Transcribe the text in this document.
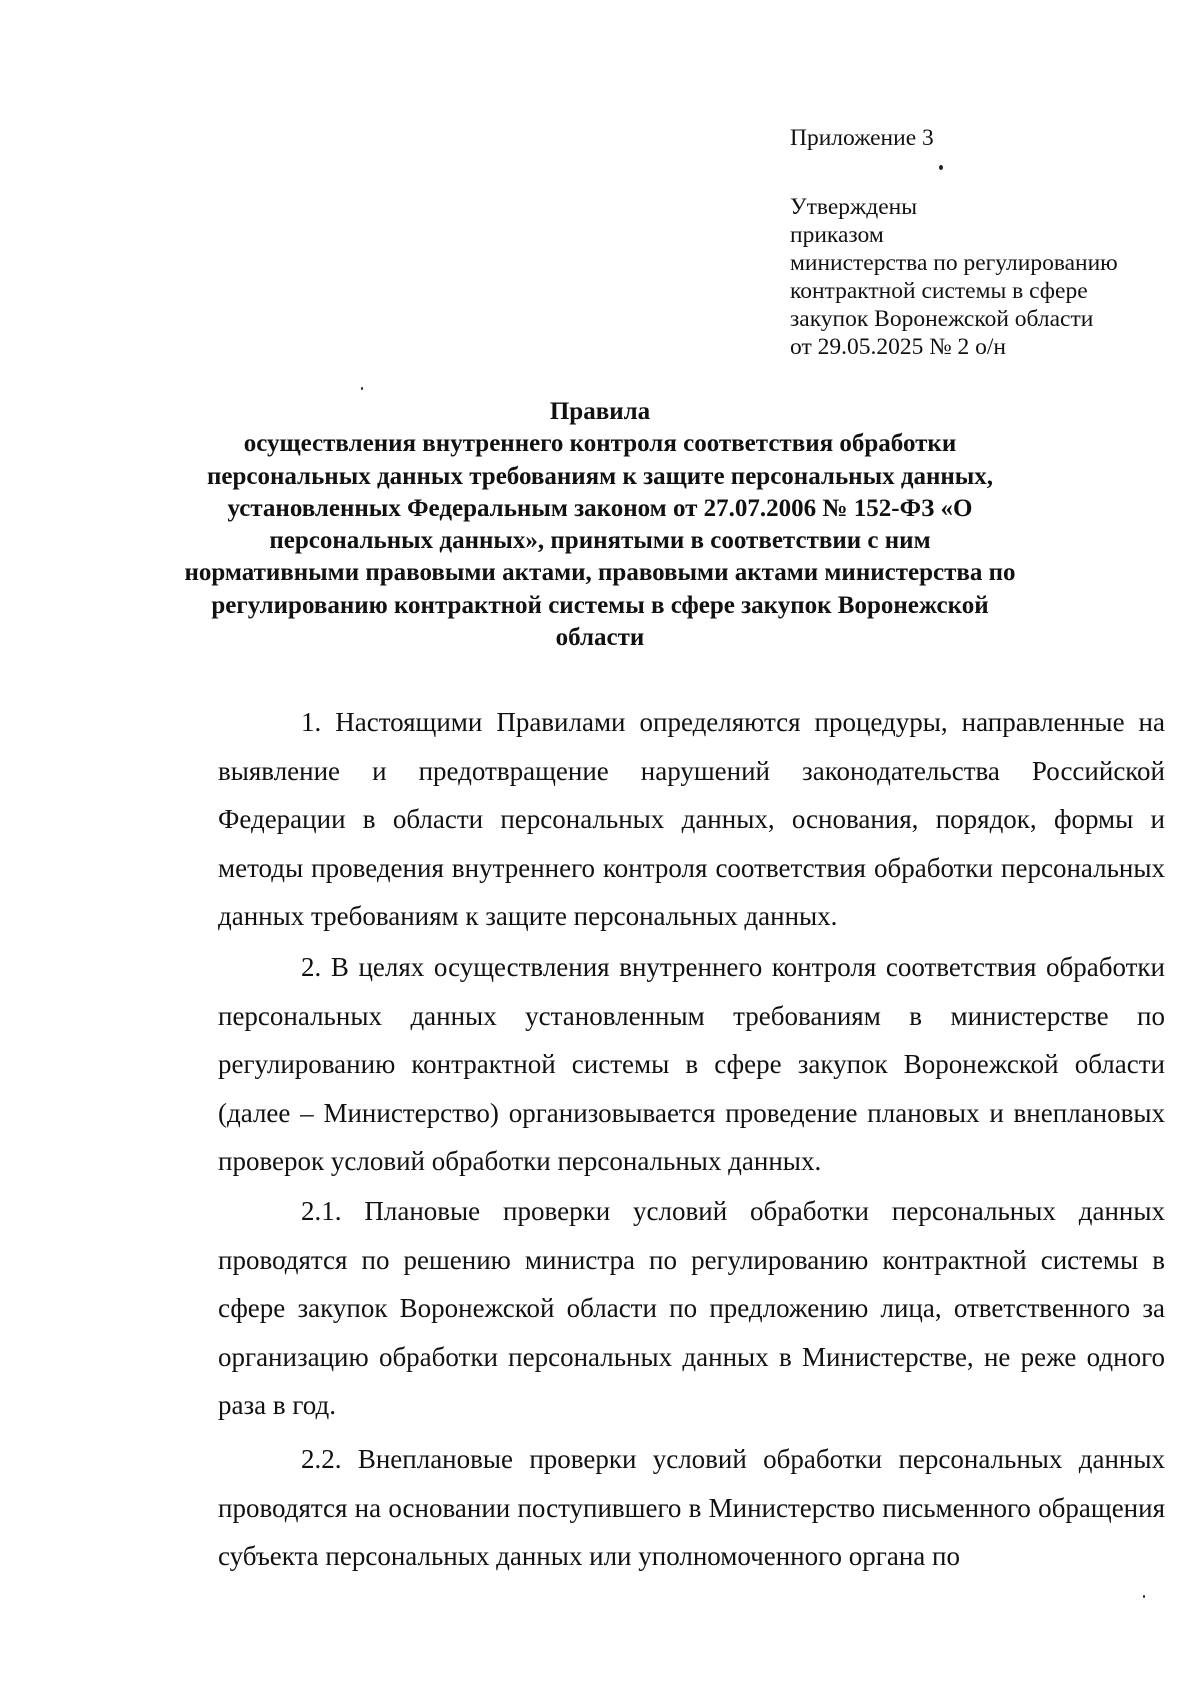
Приложение 3
Утверждены
приказом
министерства по регулированию
контрактной системы в сфере
закупок Воронежской области
от 29.05.2025 № 2 о/н
Правила
осуществления внутреннего контроля соответствия обработки
персональных данных требованиям к защите персональных данных,
установленных Федеральным законом от 27.07.2006 № 152-ФЗ «О
персональных данных», принятыми в соответствии с ним
нормативными правовыми актами, правовыми актами министерства по
регулированию контрактной системы в сфере закупок Воронежской
области

1. Настоящими Правилами определяются процедуры, направленные на выявление и предотвращение нарушений законодательства Российской Федерации в области персональных данных, основания, порядок, формы и методы проведения внутреннего контроля соответствия обработки персональных данных требованиям к защите персональных данных.

2. В целях осуществления внутреннего контроля соответствия обработки персональных данных установленным требованиям в министерстве по регулированию контрактной системы в сфере закупок Воронежской области (далее – Министерство) организовывается проведение плановых и внеплановых проверок условий обработки персональных данных.

2.1. Плановые проверки условий обработки персональных данных проводятся по решению министра по регулированию контрактной системы в сфере закупок Воронежской области по предложению лица, ответственного за организацию обработки персональных данных в Министерстве, не реже одного раза в год.

2.2. Внеплановые проверки условий обработки персональных данных проводятся на основании поступившего в Министерство письменного обращения субъекта персональных данных или уполномоченного органа по
